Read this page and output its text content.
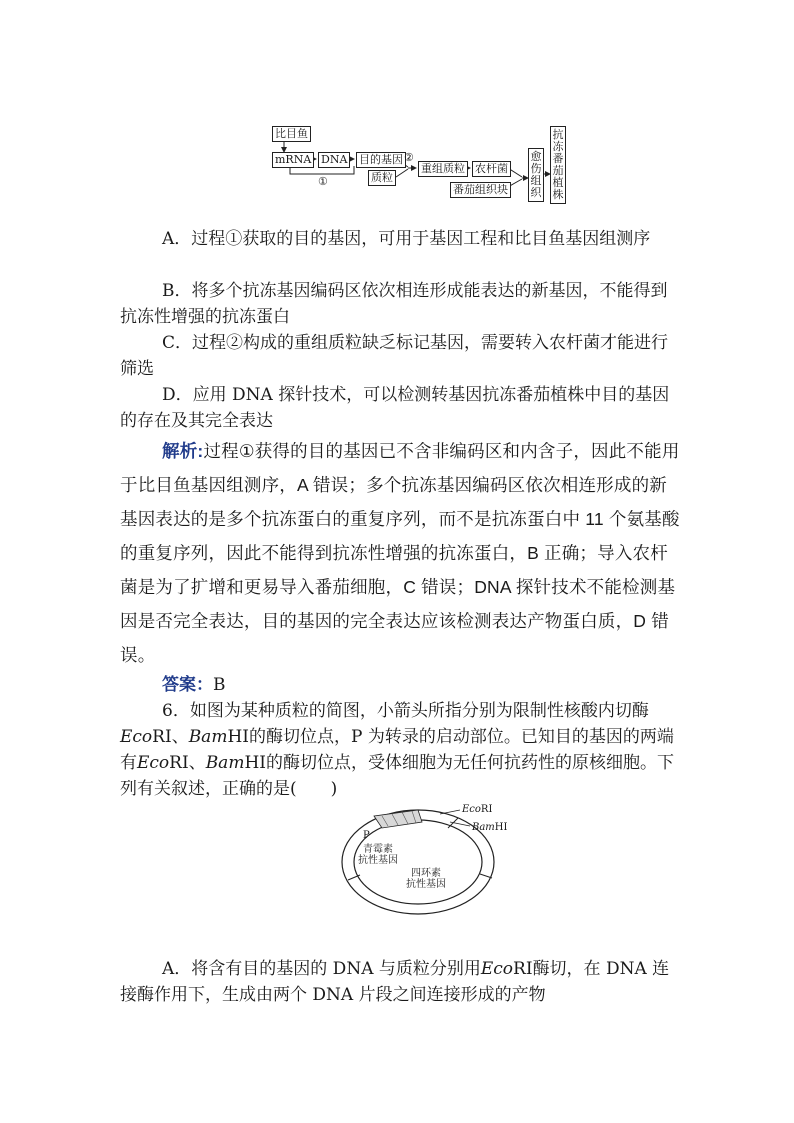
比目鱼
mRNA DNA
①
目的基因
质粒
②
重组质粒 农杆菌
番茄组织块
愈伤组织
抗冻番茄植株
A．过程①获取的目的基因，可用于基因工程和比目鱼基因组测序
B．将多个抗冻基因编码区依次相连形成能表达的新基因，不能得到抗冻性增强的抗冻蛋白
C．过程②构成的重组质粒缺乏标记基因，需要转入农杆菌才能进行筛选
D．应用 DNA 探针技术，可以检测转基因抗冻番茄植株中目的基因的存在及其完全表达
解析:过程①获得的目的基因已不含非编码区和内含子，因此不能用于比目鱼基因组测序，A 错误；多个抗冻基因编码区依次相连形成的新基因表达的是多个抗冻蛋白的重复序列，而不是抗冻蛋白中 11 个氨基酸的重复序列，因此不能得到抗冻性增强的抗冻蛋白，B 正确；导入农杆菌是为了扩增和更易导入番茄细胞，C 错误；DNA 探针技术不能检测基因是否完全表达，目的基因的完全表达应该检测表达产物蛋白质，D 错误。
答案：B
6．如图为某种质粒的简图，小箭头所指分别为限制性核酸内切酶EcoRⅠ、BamHⅠ的酶切位点，P 为转录的启动部位。已知目的基因的两端有EcoRⅠ、BamHⅠ的酶切位点，受体细胞为无任何抗药性的原核细胞。下列有关叙述，正确的是(　　)
EcoRⅠ
BamHⅠ
P
青霉素
抗性基因
四环素
抗性基因
A．将含有目的基因的 DNA 与质粒分别用EcoRⅠ酶切，在 DNA 连接酶作用下，生成由两个 DNA 片段之间连接形成的产物
